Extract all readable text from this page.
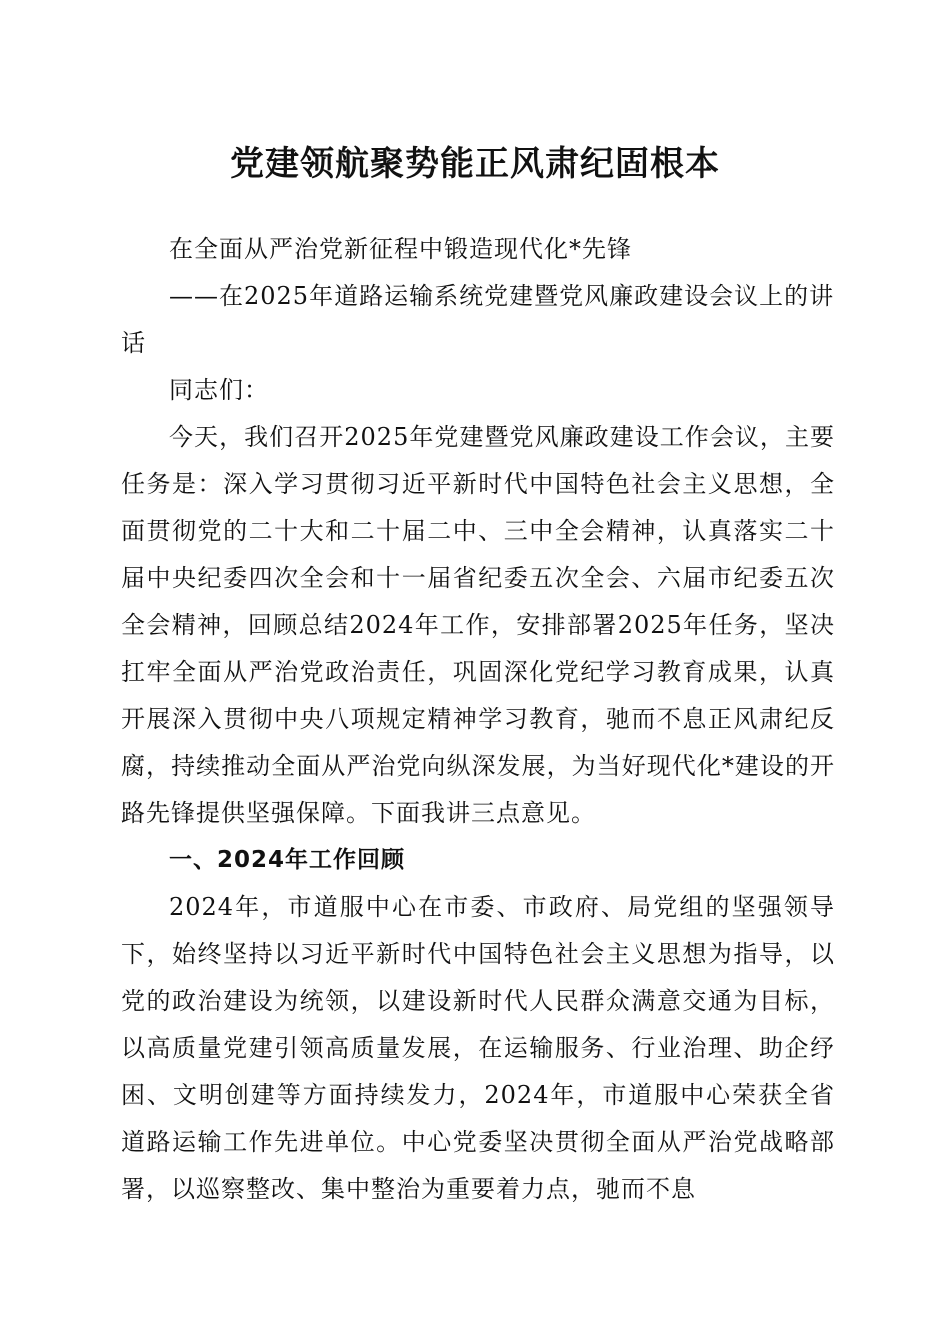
党建领航聚势能正风肃纪固根本

在全面从严治党新征程中锻造现代化*先锋

——在2025年道路运输系统党建暨党风廉政建设会议上的讲话

同志们：

今天，我们召开2025年党建暨党风廉政建设工作会议，主要任务是：深入学习贯彻习近平新时代中国特色社会主义思想，全面贯彻党的二十大和二十届二中、三中全会精神，认真落实二十届中央纪委四次全会和十一届省纪委五次全会、六届市纪委五次全会精神，回顾总结2024年工作，安排部署2025年任务，坚决扛牢全面从严治党政治责任，巩固深化党纪学习教育成果，认真开展深入贯彻中央八项规定精神学习教育，驰而不息正风肃纪反腐，持续推动全面从严治党向纵深发展，为当好现代化*建设的开路先锋提供坚强保障。下面我讲三点意见。

一、2024年工作回顾

2024年，市道服中心在市委、市政府、局党组的坚强领导下，始终坚持以习近平新时代中国特色社会主义思想为指导，以党的政治建设为统领，以建设新时代人民群众满意交通为目标，以高质量党建引领高质量发展，在运输服务、行业治理、助企纾困、文明创建等方面持续发力，2024年，市道服中心荣获全省道路运输工作先进单位。中心党委坚决贯彻全面从严治党战略部署，以巡察整改、集中整治为重要着力点，驰而不息
